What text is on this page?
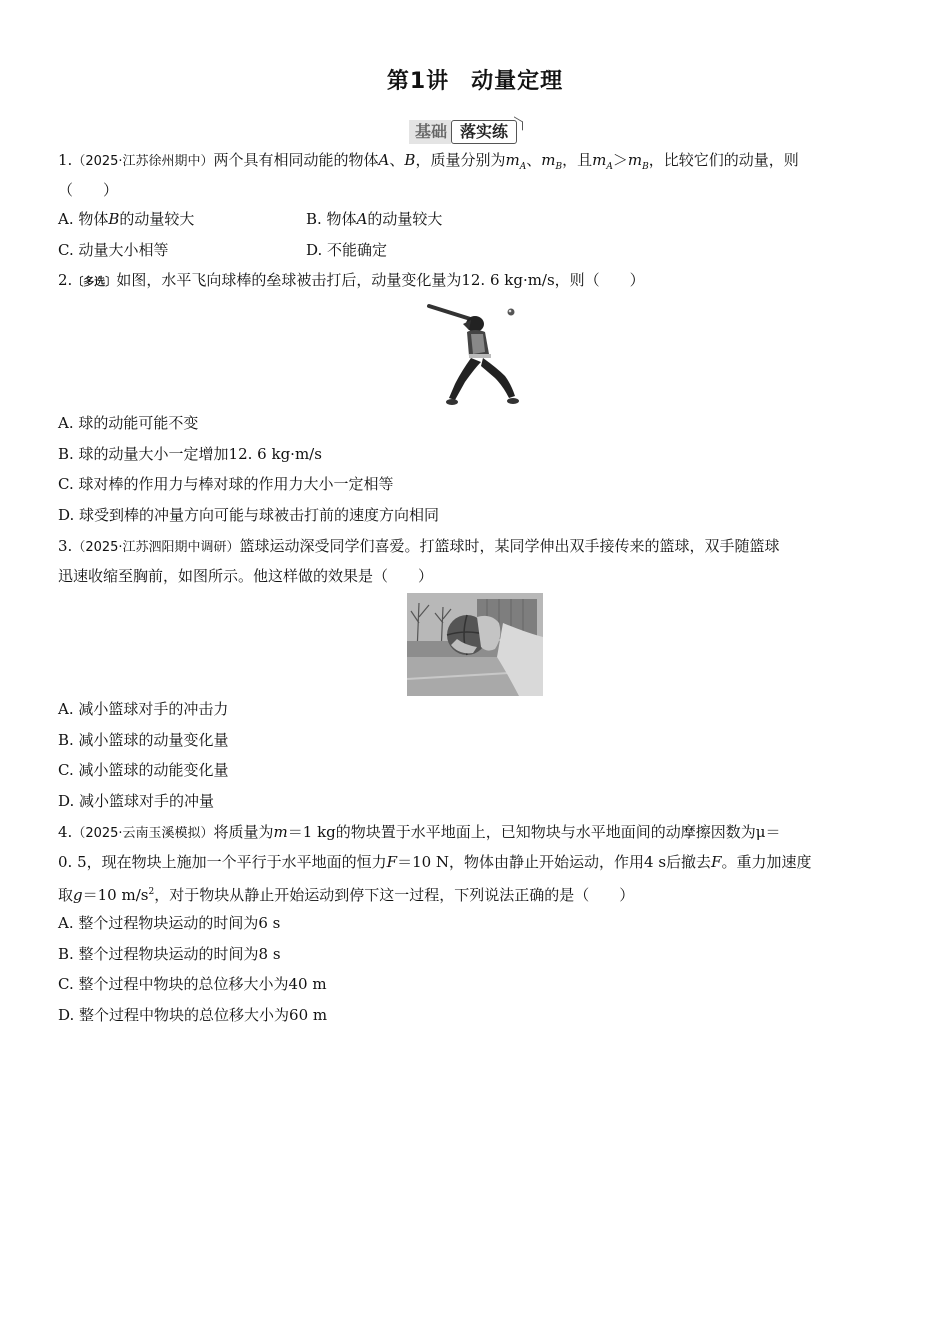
第1讲 动量定理
基础 落实练
1.（2025·江苏徐州期中）两个具有相同动能的物体A、B，质量分别为$m_A$、$m_B$，且$m_A>m_B$，比较它们的动量，则
（　　）
A. 物体B的动量较大	B. 物体A的动量较大
C. 动量大小相等	D. 不能确定
2.〔多选〕如图，水平飞向球棒的垒球被击打后，动量变化量为12. 6 kg·m/s，则（　　）
A. 球的动能可能不变
B. 球的动量大小一定增加12. 6 kg·m/s
C. 球对棒的作用力与棒对球的作用力大小一定相等
D. 球受到棒的冲量方向可能与球被击打前的速度方向相同
3.（2025·江苏泗阳期中调研）篮球运动深受同学们喜爱。打篮球时，某同学伸出双手接传来的篮球，双手随篮球
迅速收缩至胸前，如图所示。他这样做的效果是（　　）
A. 减小篮球对手的冲击力
B. 减小篮球的动量变化量
C. 减小篮球的动能变化量
D. 减小篮球对手的冲量
4.（2025·云南玉溪模拟）将质量为m＝1 kg的物块置于水平地面上，已知物块与水平地面间的动摩擦因数为μ＝
0. 5，现在物块上施加一个平行于水平地面的恒力F＝10 N，物体由静止开始运动，作用4 s后撤去F。重力加速度
取g＝10 $m/s^2$，对于物块从静止开始运动到停下这一过程，下列说法正确的是（　　）
A. 整个过程物块运动的时间为6 s
B. 整个过程物块运动的时间为8 s
C. 整个过程中物块的总位移大小为40 m
D. 整个过程中物块的总位移大小为60 m
